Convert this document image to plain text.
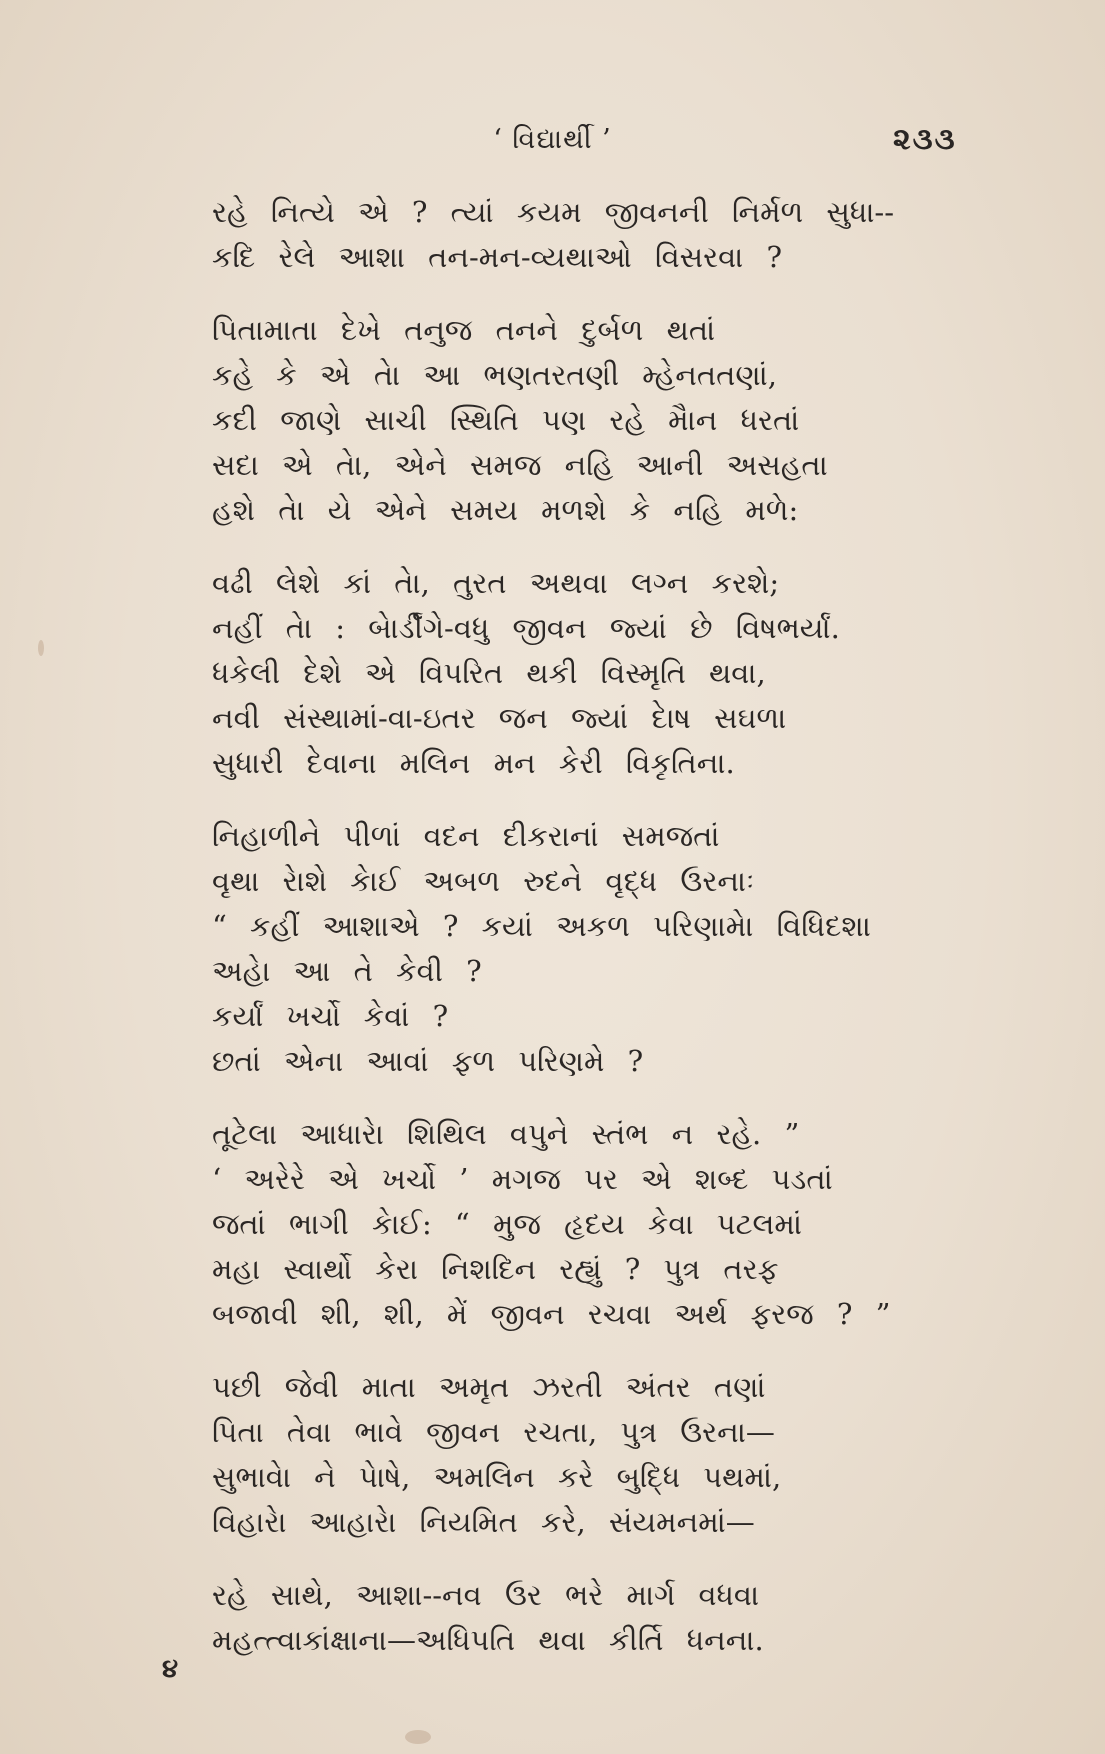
‘ વિદ્યાર્થી ’	૨૩૩
રહે નિત્યે એ ? ત્યાં કયમ જીવનની નિર્મળ સુધા--
કદિ રેલે આશા તન-મન-વ્યથાઓ વિસરવા ?
પિતામાતા દેખે તનુજ તનને દુર્બળ થતાં
કહે કે એ તેા આ ભણતરતણી મ્હેનતતણાં,
કદી જાણે સાચી સ્થિતિ પણ રહે મૈાન ધરતાં
સદા એ તેા, એને સમજ નહિ આની અસહતા
હશે તેા યે એને સમય મળશે કે નહિ મળે:
વઢી લેશે કાં તેા, તુરત અથવા લગ્ન કરશે;
નહીં તેા : બેાર્ડીંગે-વધુ જીવન જ્યાં છે વિષભર્યાં.
ધકેલી દેશે એ વિપરિત થકી વિસ્મૃતિ થવા,
નવી સંસ્થામાં-વા-ઇતર જન જ્યાં દેાષ સઘળા
સુધારી દેવાના મલિન મન કેરી વિકૃતિના.
નિહાળીને પીળાં વદન દીકરાનાં સમજતાં
વૃથા રેાશે કેાઈ અબળ રુદને વૃદ્ધ ઉરનાઃ
“ કહીં આશાએ ? કયાં અકળ પરિણામેા વિધિદશા
અહેા આ તે કેવી ?
કર્યાં ખર્ચો કેવાં ?
છતાં એના આવાં ફળ પરિણમે ?
તૂટેલા આધારેા શિથિલ વપુને સ્તંભ ન રહે. ”
‘ અરેરે એ ખર્ચો ’ મગજ પર એ શબ્દ પડતાં
જતાં ભાગી કેાઈ: “ મુજ હૃદય કેવા પટલમાં
મહા સ્વાર્થો કેરા નિશદિન રહ્યું ? પુત્ર તરફ
બજાવી શી, શી, મેં જીવન રચવા અર્થ ફરજ ? ”
પછી જેવી માતા અમૃત ઝરતી અંતર તણાં
પિતા તેવા ભાવે જીવન રચતા, પુત્ર ઉરના—
સુભાવેા ને પેાષે, અમલિન કરે બુદ્ધિ પથમાં,
વિહારેા આહારેા નિયમિત કરે, સંયમનમાં—
રહે સાથે, આશા--નવ ઉર ભરે માર્ગ વધવા
મહત્ત્વાકાંક્ષાના—અધિપતિ થવા કીર્તિ ધનના.
૪
